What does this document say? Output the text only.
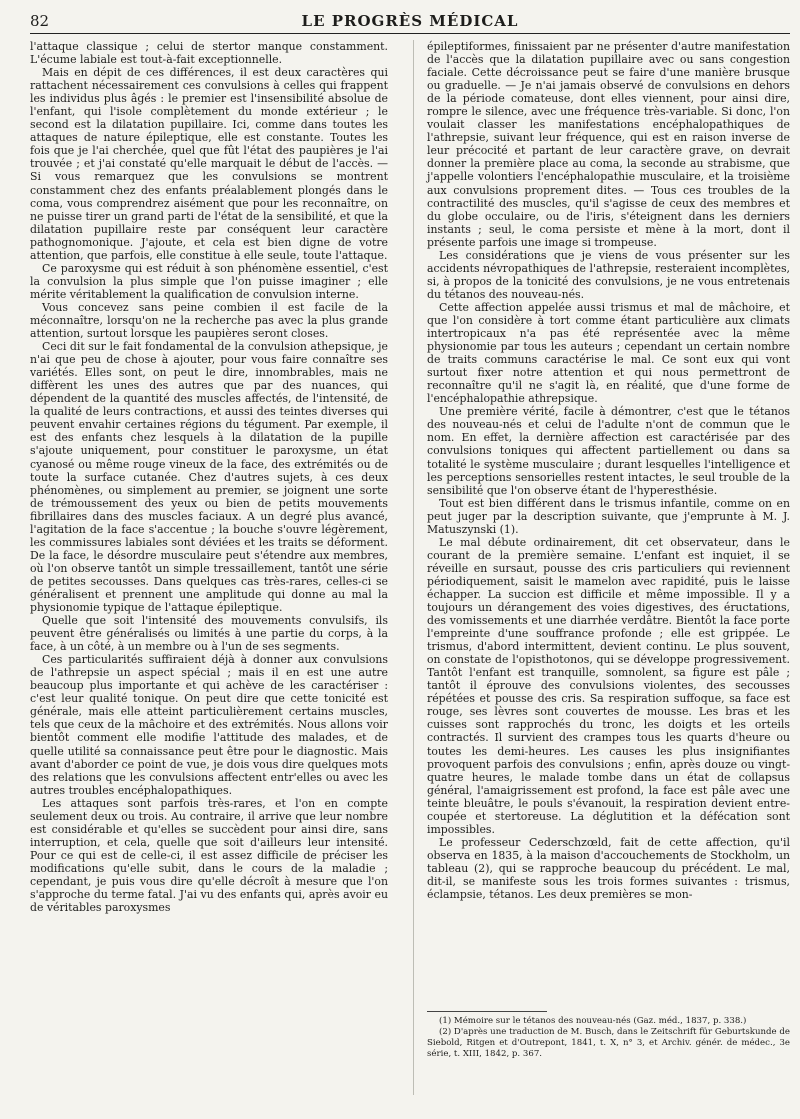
82	LE PROGRÈS MÉDICAL

l'attaque classique ; celui de stertor manque constamment. L'écume labiale est tout-à-fait exceptionnelle.

Mais en dépit de ces différences, il est deux caractères qui rattachent nécessairement ces convulsions à celles qui frappent les individus plus âgés : le premier est l'insensibilité absolue de l'enfant, qui l'isole complètement du monde extérieur ; le second est la dilatation pupillaire. Ici, comme dans toutes les attaques de nature épileptique, elle est constante. Toutes les fois que je l'ai cherchée, quel que fût l'état des paupières je l'ai trouvée ; et j'ai constaté qu'elle marquait le début de l'accès. — Si vous remarquez que les convulsions se montrent constamment chez des enfants préalablement plongés dans le coma, vous comprendrez aisément que pour les reconnaître, on ne puisse tirer un grand parti de l'état de la sensibilité, et que la dilatation pupillaire reste par conséquent leur caractère pathognomonique. J'ajoute, et cela est bien digne de votre attention, que parfois, elle constitue à elle seule, toute l'attaque.

Ce paroxysme qui est réduit à son phénomène essentiel, c'est la convulsion la plus simple que l'on puisse imaginer ; elle mérite véritablement la qualification de convulsion interne.

Vous concevez sans peine combien il est facile de la méconnaître, lorsqu'on ne la recherche pas avec la plus grande attention, surtout lorsque les paupières seront closes.

Ceci dit sur le fait fondamental de la convulsion athepsique, je n'ai que peu de chose à ajouter, pour vous faire connaître ses variétés. Elles sont, on peut le dire, innombrables, mais ne diffèrent les unes des autres que par des nuances, qui dépendent de la quantité des muscles affectés, de l'intensité, de la qualité de leurs contractions, et aussi des teintes diverses qui peuvent envahir certaines régions du tégument. Par exemple, il est des enfants chez lesquels à la dilatation de la pupille s'ajoute uniquement, pour constituer le paroxysme, un état cyanosé ou même rouge vineux de la face, des extrémités ou de toute la surface cutanée. Chez d'autres sujets, à ces deux phénomènes, ou simplement au premier, se joignent une sorte de trémoussement des yeux ou bien de petits mouvements fibrillaires dans des muscles faciaux. A un degré plus avancé, l'agitation de la face s'accentue ; la bouche s'ouvre légèrement, les commissures labiales sont déviées et les traits se déforment. De la face, le désordre musculaire peut s'étendre aux membres, où l'on observe tantôt un simple tressaillement, tantôt une série de petites secousses. Dans quelques cas très-rares, celles-ci se généralisent et prennent une amplitude qui donne au mal la physionomie typique de l'attaque épileptique.

Quelle que soit l'intensité des mouvements convulsifs, ils peuvent être généralisés ou limités à une partie du corps, à la face, à un côté, à un membre ou à l'un de ses segments.

Ces particularités suffiraient déjà à donner aux convulsions de l'athrepsie un aspect spécial ; mais il en est une autre beaucoup plus importante et qui achève de les caractériser : c'est leur qualité tonique. On peut dire que cette tonicité est générale, mais elle atteint particulièrement certains muscles, tels que ceux de la mâchoire et des extrémités. Nous allons voir bientôt comment elle modifie l'attitude des malades, et de quelle utilité sa connaissance peut être pour le diagnostic. Mais avant d'aborder ce point de vue, je dois vous dire quelques mots des relations que les convulsions affectent entr'elles ou avec les autres troubles encéphalopathiques.

Les attaques sont parfois très-rares, et l'on en compte seulement deux ou trois. Au contraire, il arrive que leur nombre est considérable et qu'elles se succèdent pour ainsi dire, sans interruption, et cela, quelle que soit d'ailleurs leur intensité. Pour ce qui est de celle-ci, il est assez difficile de préciser les modifications qu'elle subit, dans le cours de la maladie ; cependant, je puis vous dire qu'elle décroît à mesure que l'on s'approche du terme fatal. J'ai vu des enfants qui, après avoir eu de véritables paroxysmes

épileptiformes, finissaient par ne présenter d'autre manifestation de l'accès que la dilatation pupillaire avec ou sans congestion faciale. Cette décroissance peut se faire d'une manière brusque ou graduelle. — Je n'ai jamais observé de convulsions en dehors de la période comateuse, dont elles viennent, pour ainsi dire, rompre le silence, avec une fréquence très-variable. Si donc, l'on voulait classer les manifestations encéphalopathiques de l'athrepsie, suivant leur fréquence, qui est en raison inverse de leur précocité et partant de leur caractère grave, on devrait donner la première place au coma, la seconde au strabisme, que j'appelle volontiers l'encéphalopathie musculaire, et la troisième aux convulsions proprement dites. — Tous ces troubles de la contractilité des muscles, qu'il s'agisse de ceux des membres et du globe occulaire, ou de l'iris, s'éteignent dans les derniers instants ; seul, le coma persiste et mène à la mort, dont il présente parfois une image si trompeuse.

Les considérations que je viens de vous présenter sur les accidents névropathiques de l'athrepsie, resteraient incomplètes, si, à propos de la tonicité des convulsions, je ne vous entretenais du tétanos des nouveau-nés.

Cette affection appelée aussi trismus et mal de mâchoire, et que l'on considère à tort comme étant particulière aux climats intertropicaux n'a pas été représentée avec la même physionomie par tous les auteurs ; cependant un certain nombre de traits communs caractérise le mal. Ce sont eux qui vont surtout fixer notre attention et qui nous permettront de reconnaître qu'il ne s'agit là, en réalité, que d'une forme de l'encéphalopathie athrepsique.

Une première vérité, facile à démontrer, c'est que le tétanos des nouveau-nés et celui de l'adulte n'ont de commun que le nom. En effet, la dernière affection est caractérisée par des convulsions toniques qui affectent partiellement ou dans sa totalité le système musculaire ; durant lesquelles l'intelligence et les perceptions sensorielles restent intactes, le seul trouble de la sensibilité que l'on observe étant de l'hyperesthésie.

Tout est bien différent dans le trismus infantile, comme on en peut juger par la description suivante, que j'emprunte à M. J. Matuszynski (1).

Le mal débute ordinairement, dit cet observateur, dans le courant de la première semaine. L'enfant est inquiet, il se réveille en sursaut, pousse des cris particuliers qui reviennent périodiquement, saisit le mamelon avec rapidité, puis le laisse échapper. La succion est difficile et même impossible. Il y a toujours un dérangement des voies digestives, des éructations, des vomissements et une diarrhée verdâtre. Bientôt la face porte l'empreinte d'une souffrance profonde ; elle est grippée. Le trismus, d'abord intermittent, devient continu. Le plus souvent, on constate de l'opisthotonos, qui se développe progressivement. Tantôt l'enfant est tranquille, somnolent, sa figure est pâle ; tantôt il éprouve des convulsions violentes, des secousses répétées et pousse des cris. Sa respiration suffoque, sa face est rouge, ses lèvres sont couvertes de mousse. Les bras et les cuisses sont rapprochés du tronc, les doigts et les orteils contractés. Il survient des crampes tous les quarts d'heure ou toutes les demi-heures. Les causes les plus insignifiantes provoquent parfois des convulsions ; enfin, après douze ou vingt-quatre heures, le malade tombe dans un état de collapsus général, l'amaigrissement est profond, la face est pâle avec une teinte bleuâtre, le pouls s'évanouit, la respiration devient entre-coupée et stertoreuse. La déglutition et la défécation sont impossibles.

Le professeur Cederschzœld, fait de cette affection, qu'il observa en 1835, à la maison d'accouchements de Stockholm, un tableau (2), qui se rapproche beaucoup du précédent. Le mal, dit-il, se manifeste sous les trois formes suivantes : trismus, éclampsie, tétanos. Les deux premières se mon-

(1) Mémoire sur le tétanos des nouveau-nés (Gaz. méd., 1837, p. 338.)

(2) D'après une traduction de M. Busch, dans le Zeitschrift für Geburtskunde de Siebold, Ritgen et d'Outrepont, 1841, t. X, n° 3, et Archiv. génér. de médec., 3e série, t. XIII, 1842, p. 367.
